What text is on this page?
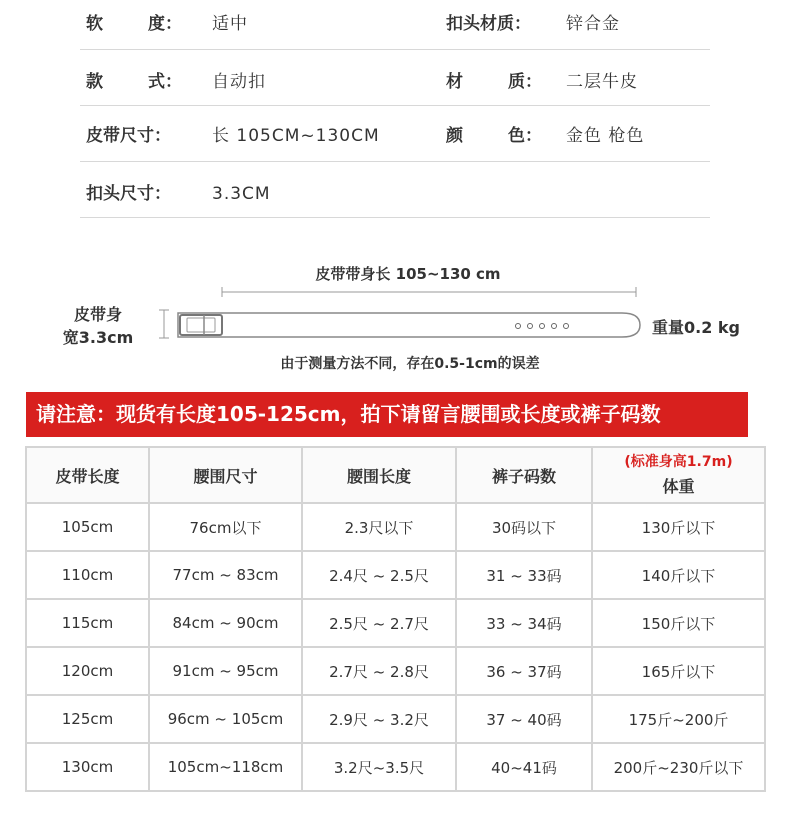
软	度： 适中	扣头材质： 锌合金
款	式： 自动扣	材	质： 二层牛皮
皮带尺寸： 长 105CM~130CM	颜	色： 金色 枪色
扣头尺寸： 3.3CM
皮带带身长 105~130 cm
皮带身
宽3.3cm
重量0.2 kg
由于测量方法不同，存在0.5-1cm的误差
请注意：现货有长度105-125cm，拍下请留言腰围或长度或裤子码数
皮带长度	腰围尺寸	腰围长度	裤子码数	(标准身高1.7m)
体重
105cm	76cm以下	2.3尺以下	30码以下	130斤以下
110cm	77cm ~ 83cm	2.4尺 ~ 2.5尺	31 ~ 33码	140斤以下
115cm	84cm ~ 90cm	2.5尺 ~ 2.7尺	33 ~ 34码	150斤以下
120cm	91cm ~ 95cm	2.7尺 ~ 2.8尺	36 ~ 37码	165斤以下
125cm	96cm ~ 105cm	2.9尺 ~ 3.2尺	37 ~ 40码	175斤~200斤
130cm	105cm~118cm	3.2尺~3.5尺	40~41码	200斤~230斤以下
